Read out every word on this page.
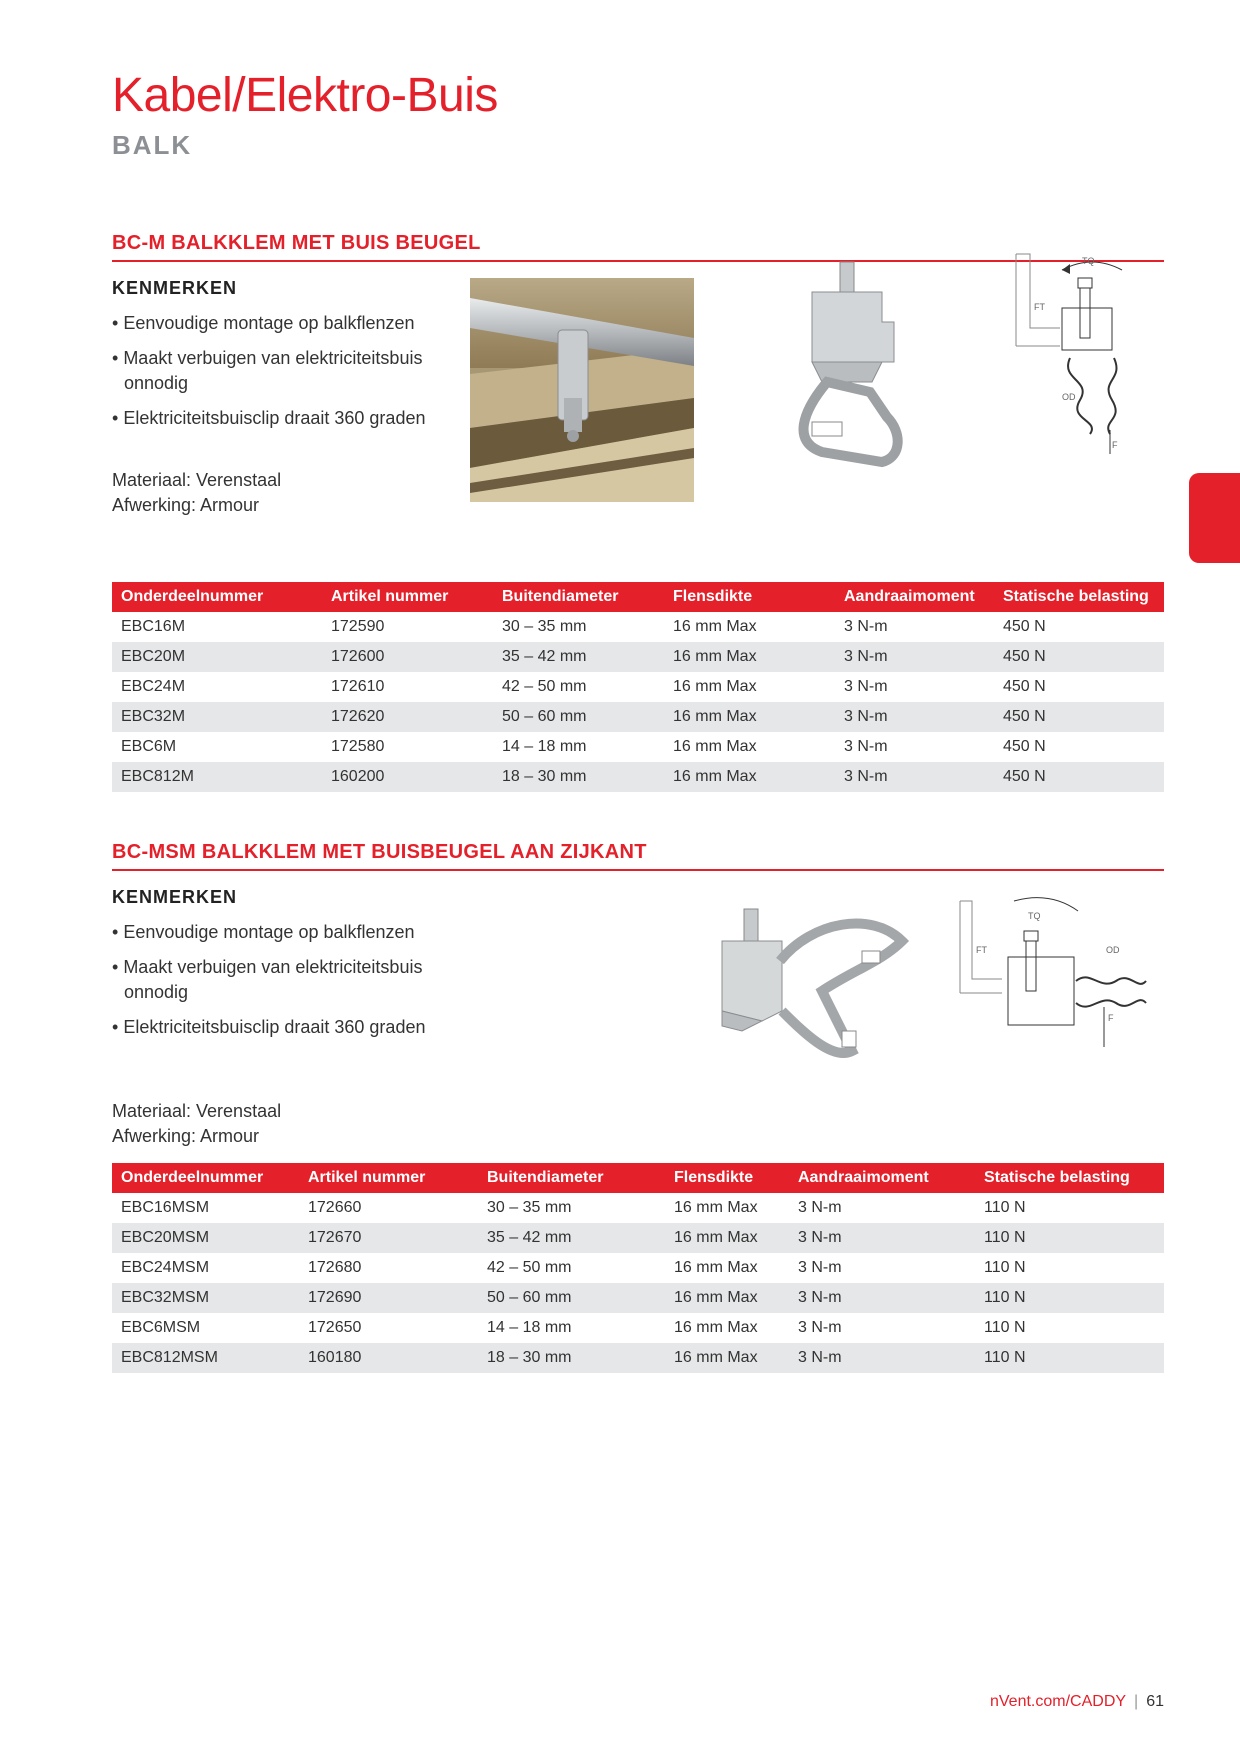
Kabel/Elektro-Buis
BALK
BC-M BALKKLEM MET BUIS BEUGEL
KENMERKEN
• Eenvoudige montage op balkflenzen
• Maakt verbuigen van elektriciteitsbuis onnodig
• Elektriciteitsbuisclip draait 360 graden
TQ
FT
OD
F
Materiaal: Verenstaal
Afwerking: Armour
Onderdeelnummer	Artikel nummer	Buitendiameter	Flensdikte	Aandraaimoment	Statische belasting
EBC16M	172590	30 – 35 mm	16 mm Max	3 N-m	450 N
EBC20M	172600	35 – 42 mm	16 mm Max	3 N-m	450 N
EBC24M	172610	42 – 50 mm	16 mm Max	3 N-m	450 N
EBC32M	172620	50 – 60 mm	16 mm Max	3 N-m	450 N
EBC6M	172580	14 – 18 mm	16 mm Max	3 N-m	450 N
EBC812M	160200	18 – 30 mm	16 mm Max	3 N-m	450 N
BC-MSM BALKKLEM MET BUISBEUGEL AAN ZIJKANT
KENMERKEN
• Eenvoudige montage op balkflenzen
• Maakt verbuigen van elektriciteitsbuis onnodig
• Elektriciteitsbuisclip draait 360 graden
TQ
FT	OD
F
Materiaal: Verenstaal
Afwerking: Armour
Onderdeelnummer	Artikel nummer	Buitendiameter	Flensdikte	Aandraaimoment	Statische belasting
EBC16MSM	172660	30 – 35 mm	16 mm Max	3 N-m	110 N
EBC20MSM	172670	35 – 42 mm	16 mm Max	3 N-m	110 N
EBC24MSM	172680	42 – 50 mm	16 mm Max	3 N-m	110 N
EBC32MSM	172690	50 – 60 mm	16 mm Max	3 N-m	110 N
EBC6MSM	172650	14 – 18 mm	16 mm Max	3 N-m	110 N
EBC812MSM	160180	18 – 30 mm	16 mm Max	3 N-m	110 N
nVent.com/CADDY | 61
